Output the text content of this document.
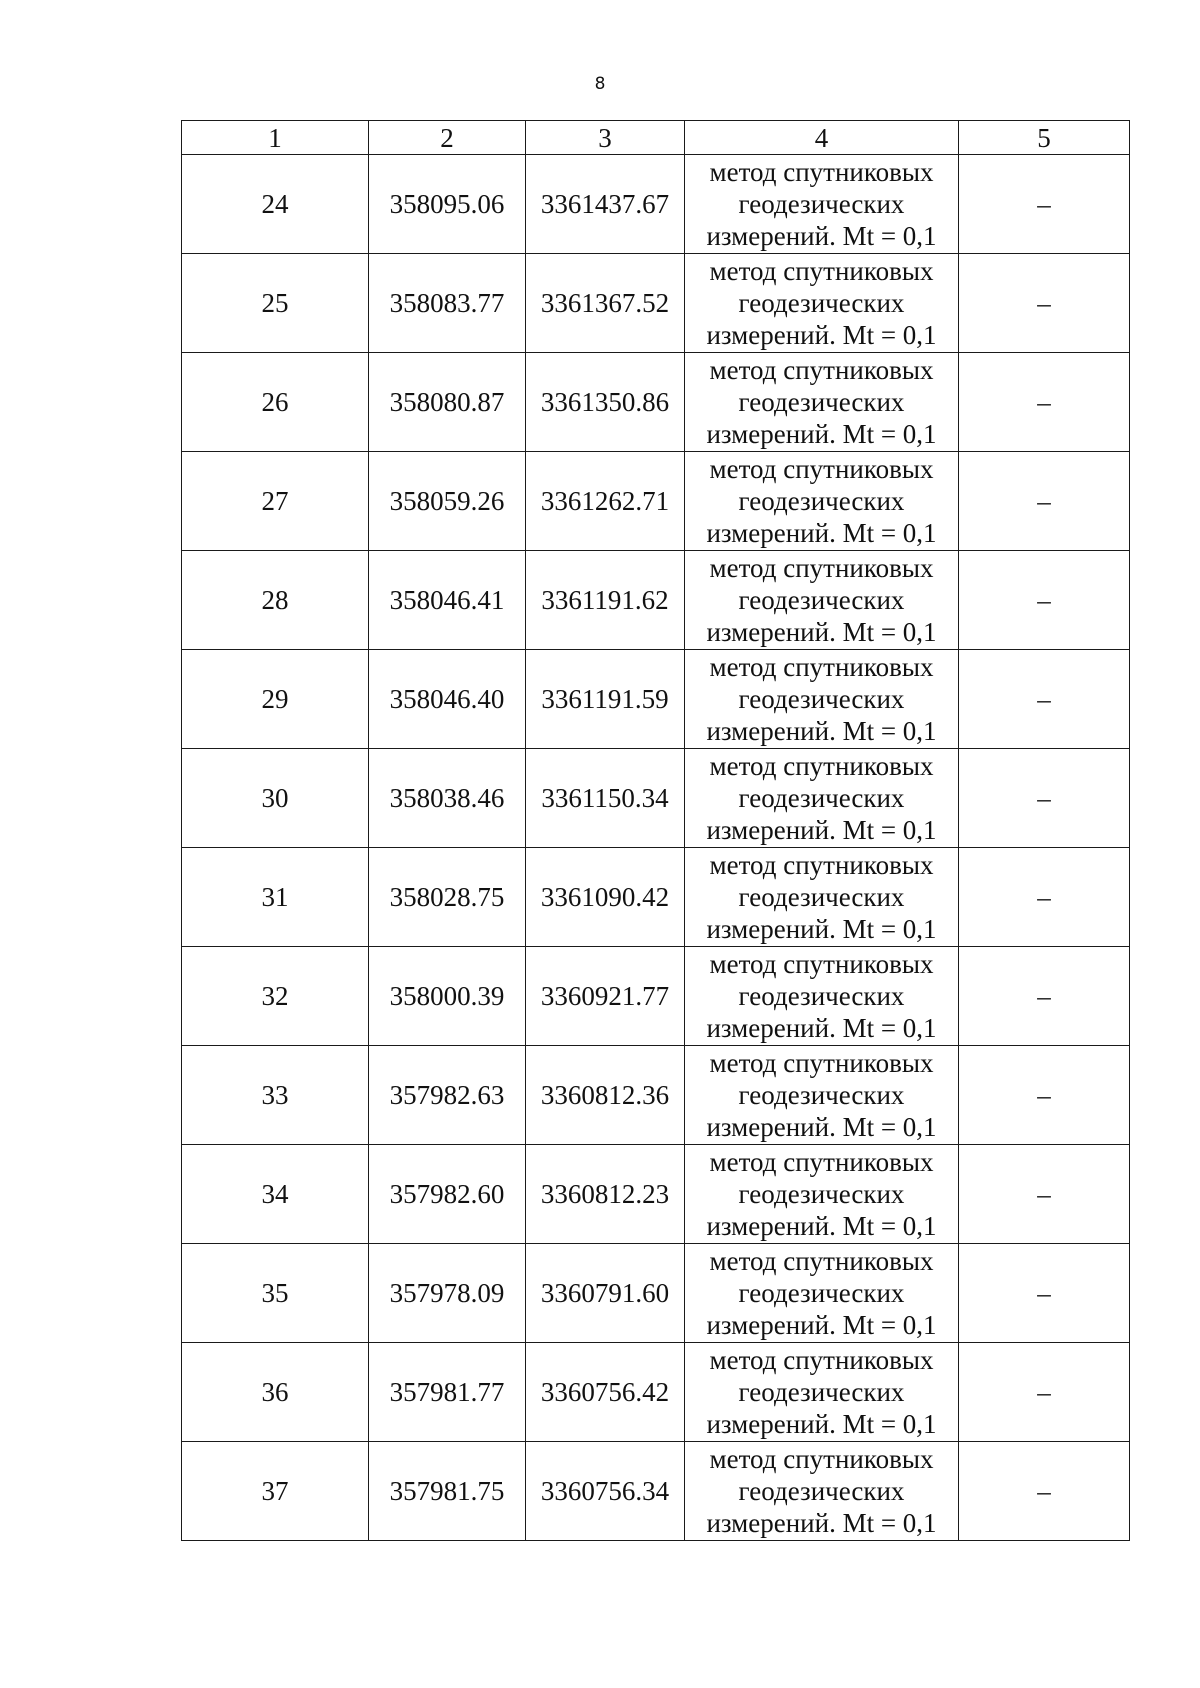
8
1	2	3	4	5
24	358095.06	3361437.67	метод спутниковых
геодезических
измерений. Mt = 0,1	–
25	358083.77	3361367.52	метод спутниковых
геодезических
измерений. Mt = 0,1	–
26	358080.87	3361350.86	метод спутниковых
геодезических
измерений. Mt = 0,1	–
27	358059.26	3361262.71	метод спутниковых
геодезических
измерений. Mt = 0,1	–
28	358046.41	3361191.62	метод спутниковых
геодезических
измерений. Mt = 0,1	–
29	358046.40	3361191.59	метод спутниковых
геодезических
измерений. Mt = 0,1	–
30	358038.46	3361150.34	метод спутниковых
геодезических
измерений. Mt = 0,1	–
31	358028.75	3361090.42	метод спутниковых
геодезических
измерений. Mt = 0,1	–
32	358000.39	3360921.77	метод спутниковых
геодезических
измерений. Mt = 0,1	–
33	357982.63	3360812.36	метод спутниковых
геодезических
измерений. Mt = 0,1	–
34	357982.60	3360812.23	метод спутниковых
геодезических
измерений. Mt = 0,1	–
35	357978.09	3360791.60	метод спутниковых
геодезических
измерений. Mt = 0,1	–
36	357981.77	3360756.42	метод спутниковых
геодезических
измерений. Mt = 0,1	–
37	357981.75	3360756.34	метод спутниковых
геодезических
измерений. Mt = 0,1	–
